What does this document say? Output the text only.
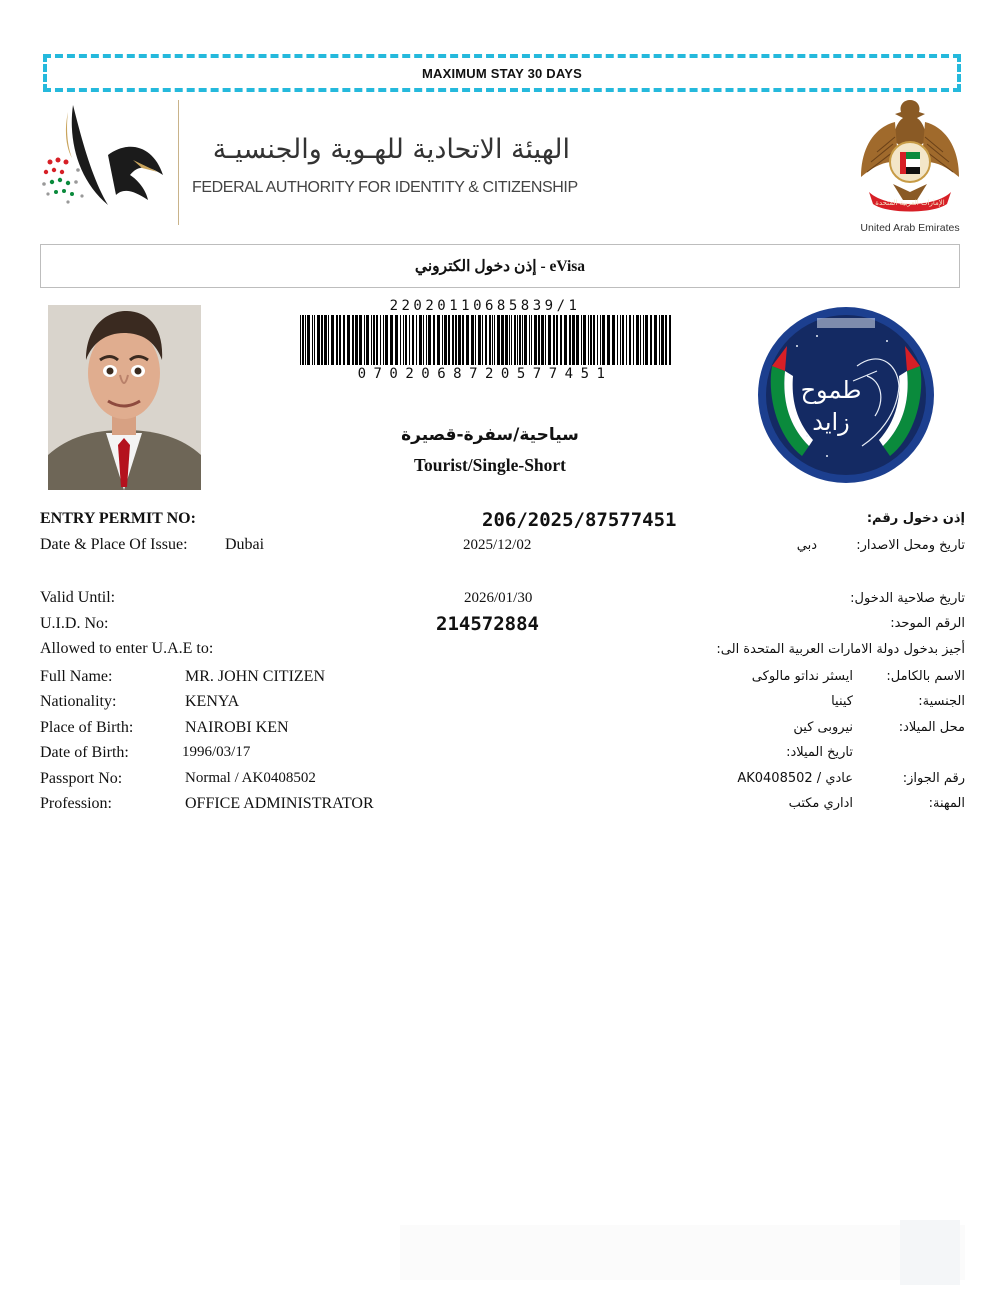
MAXIMUM STAY 30 DAYS
الهيئة الاتحادية للهـوية والجنسيـة
FEDERAL AUTHORITY FOR IDENTITY & CITIZENSHIP
الإمارات العربية المتحدة
United Arab Emirates
إذن دخول الكتروني - eVisa
22020110685839/1
0702068720577451
سياحية/سفرة-قصيرة
Tourist/Single-Short
طموح
زايد
ENTRY PERMIT NO:	206/2025/87577451	إذن دخول رقم:
Date & Place Of Issue: Dubai	2025/12/02	دبي	تاريخ ومحل الاصدار:
Valid Until:	2026/01/30	تاريخ صلاحية الدخول:
U.I.D. No:	214572884	الرقم الموحد:
Allowed to enter U.A.E to:	أجيز بدخول دولة الامارات العربية المتحدة الى:
Full Name:	MR. JOHN CITIZEN	ايسثر نداتو مالوكى	الاسم بالكامل:
Nationality:	KENYA	كينيا	الجنسية:
Place of Birth:	NAIROBI KEN	نيروبى كين	محل الميلاد:
Date of Birth:	1996/03/17	تاريخ الميلاد:
Passport No:	Normal / AK0408502	عادي / AK0408502	رقم الجواز:
Profession:	OFFICE ADMINISTRATOR	اداري مكتب	المهنة:
